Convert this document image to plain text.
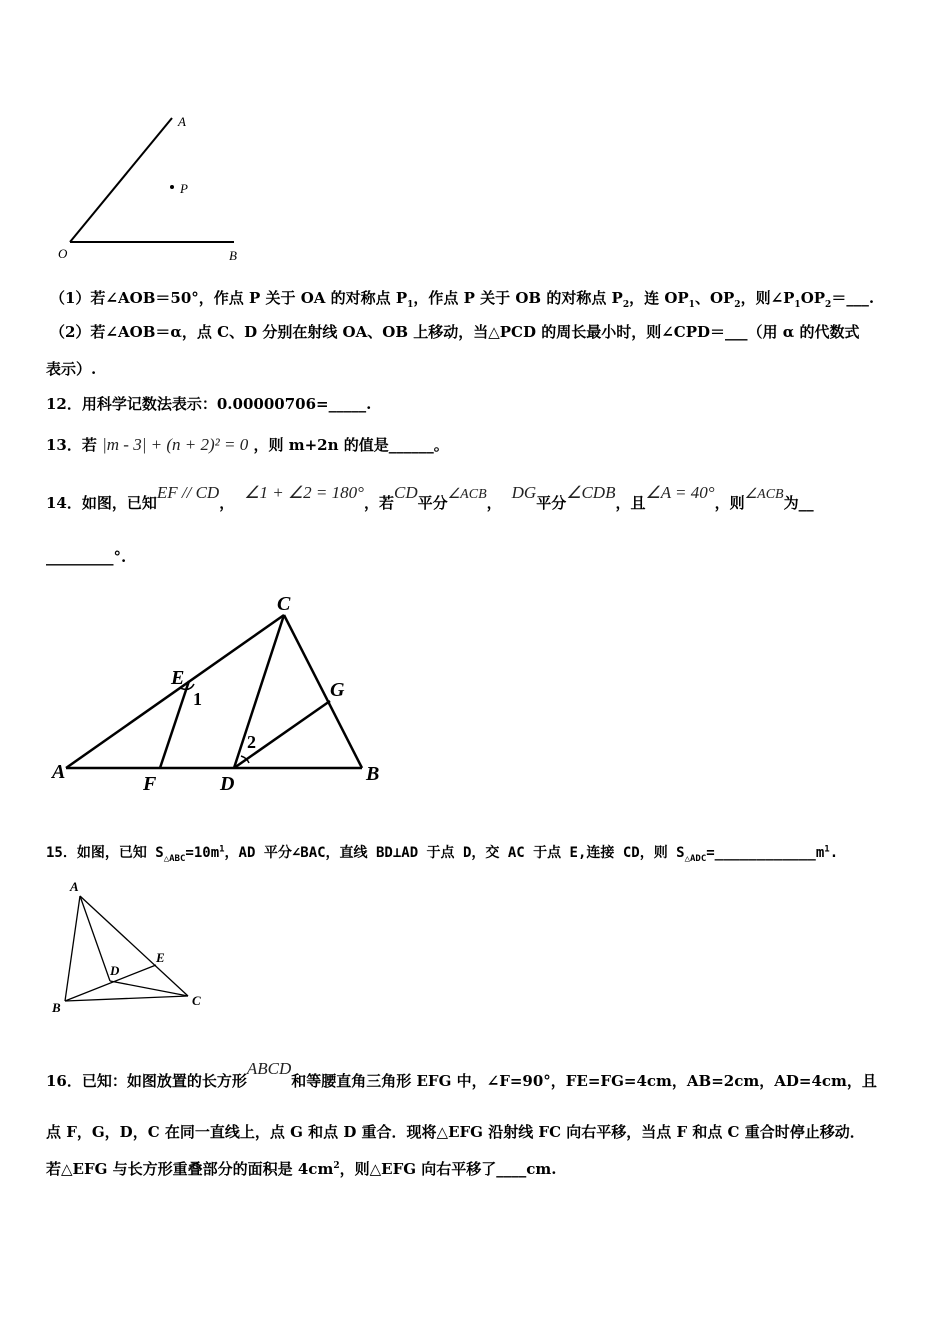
A
P
O	B
（1）若∠AOB＝50°，作点 P 关于 OA 的对称点 $P_1$，作点 P 关于 OB 的对称点 $P_2$，连 $OP_1$、$OP_2$，则$\angle P_1OP_2=\_\_\_$.
（2）若∠AOB＝α，点 C、D 分别在射线 OA、OB 上移动，当△PCD 的周长最小时，则∠CPD＝___（用 α 的代数式
表示）.
12．用科学记数法表示：0.00000706=_____.
13．若 |m - 3| + (n + 2)² = 0 ，则 m+2n 的值是______。
14．如图，已知EF // CD，∠1 + ∠2 = 180°，若CD平分∠ACB，DG平分∠CDB，且∠A = 40°，则∠ACB为__
_________°.
C
E
1	G
2
A
F	D	B
15．如图，已知 $S_{\triangle ABC}=10m^1$，AD 平分∠BAC，直线 BD⊥AD 于点 D，交 AC 于点 E,连接 CD，则 $S_{\triangle ADC}=\_\_\_\_\_\_\_\_\_\_\_\_m^1$.
A
B	C
D
E
16．已知：如图放置的长方形ABCD和等腰直角三角形 EFG 中，∠F=90°，FE=FG=4cm，AB=2cm，AD=4cm，且
点 F，G，D，C 在同一直线上，点 G 和点 D 重合．现将△EFG 沿射线 FC 向右平移，当点 F 和点 C 重合时停止移动．
若△EFG 与长方形重叠部分的面积是 $4cm^2$，则△EFG 向右平移了____cm.
